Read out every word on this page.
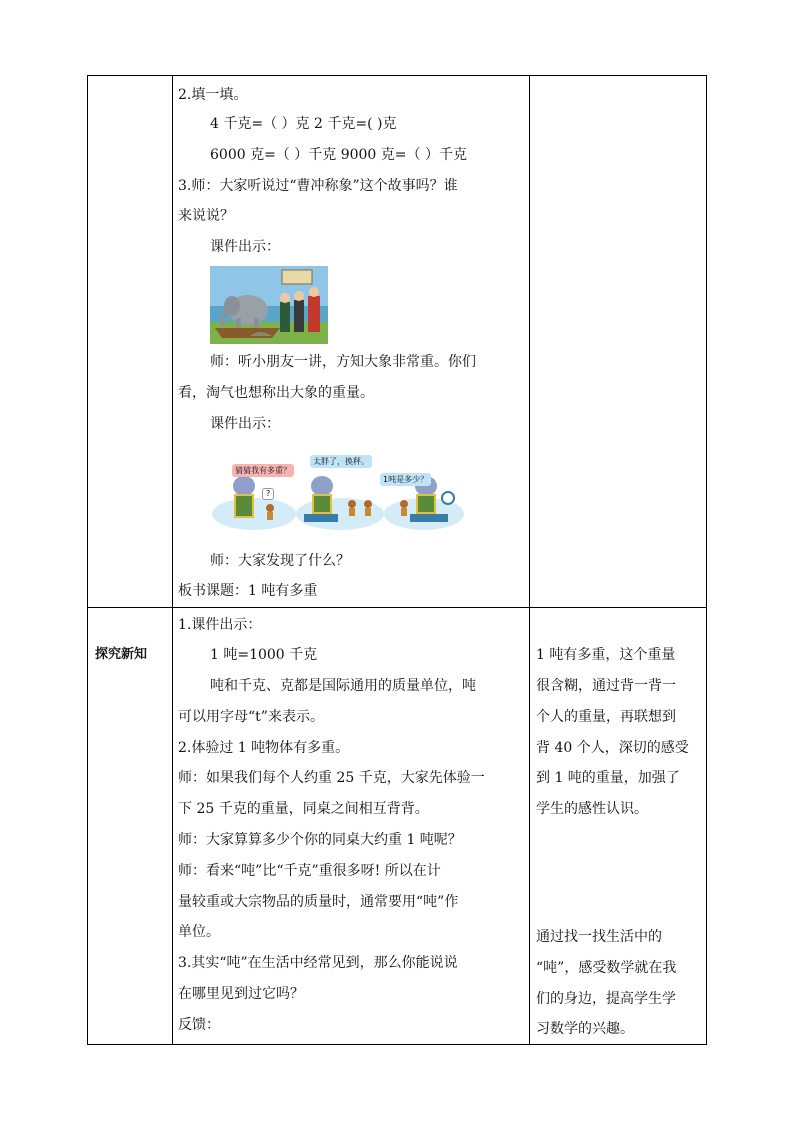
2.填一填。
4 千克=（ ）克 2 千克=( )克
6000 克=（ ）千克 9000 克=（ ）千克
3.师：大家听说过“曹冲称象”这个故事吗？谁
来说说？
课件出示：
师：听小朋友一讲，方知大象非常重。你们
看，淘气也想称出大象的重量。
课件出示：
猜猜我有多重？
太胖了，换秤。
1吨是多少？
?
师：大家发现了什么？
板书课题：1 吨有多重
探究新知
1.课件出示：
1 吨=1000 千克
吨和千克、克都是国际通用的质量单位，吨
可以用字母“t”来表示。
2.体验过 1 吨物体有多重。
师：如果我们每个人约重 25 千克，大家先体验一
下 25 千克的重量，同桌之间相互背背。
师：大家算算多少个你的同桌大约重 1 吨呢？
师：看来“吨”比“千克”重很多呀! 所以在计
量较重或大宗物品的质量时，通常要用“吨”作
单位。
3.其实“吨”在生活中经常见到，那么你能说说
在哪里见到过它吗？
反馈：
1 吨有多重，这个重量
很含糊，通过背一背一
个人的重量，再联想到
背 40 个人，深切的感受
到 1 吨的重量，加强了
学生的感性认识。
通过找一找生活中的
“吨”，感受数学就在我
们的身边，提高学生学
习数学的兴趣。
